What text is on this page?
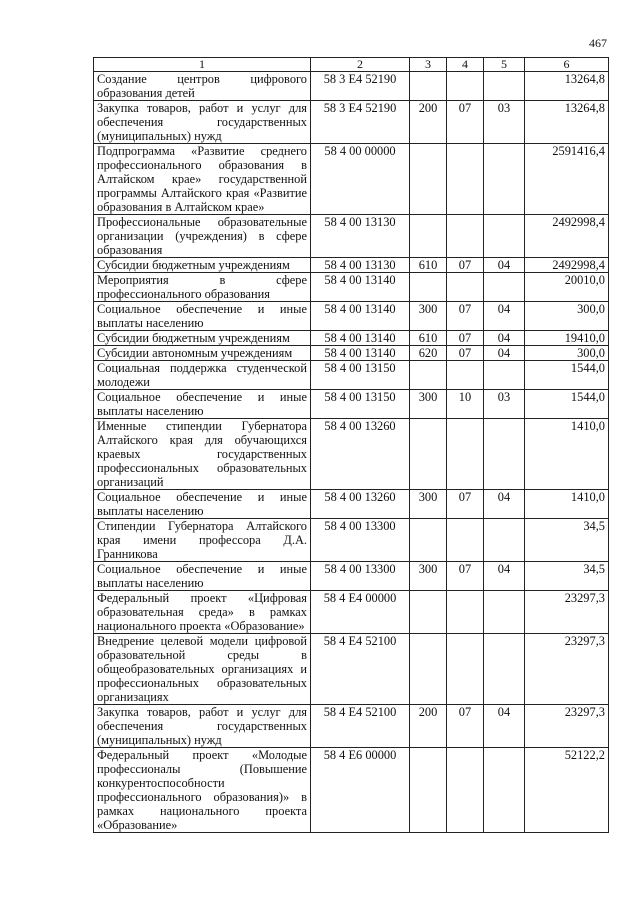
467
1	2	3	4	5	6
Создание центров цифрового образования детей	58 3 E4 52190				13264,8
Закупка товаров, работ и услуг для обеспечения государственных (муниципальных) нужд	58 3 E4 52190	200	07	03	13264,8
Подпрограмма «Развитие среднего профессионального образования в Алтайском крае» государственной программы Алтайского края «Развитие образования в Алтайском крае»	58 4 00 00000				2591416,4
Профессиональные образовательные организации (учреждения) в сфере образования	58 4 00 13130				2492998,4
Субсидии бюджетным учреждениям	58 4 00 13130	610	07	04	2492998,4
Мероприятия в сфере профессионального образования	58 4 00 13140				20010,0
Социальное обеспечение и иные выплаты населению	58 4 00 13140	300	07	04	300,0
Субсидии бюджетным учреждениям	58 4 00 13140	610	07	04	19410,0
Субсидии автономным учреждениям	58 4 00 13140	620	07	04	300,0
Социальная поддержка студенческой молодежи	58 4 00 13150				1544,0
Социальное обеспечение и иные выплаты населению	58 4 00 13150	300	10	03	1544,0
Именные стипендии Губернатора Алтайского края для обучающихся краевых государственных профессиональных образовательных организаций	58 4 00 13260				1410,0
Социальное обеспечение и иные выплаты населению	58 4 00 13260	300	07	04	1410,0
Стипендии Губернатора Алтайского края имени профессора Д.А. Гранникова	58 4 00 13300				34,5
Социальное обеспечение и иные выплаты населению	58 4 00 13300	300	07	04	34,5
Федеральный проект «Цифровая образовательная среда» в рамках национального проекта «Образование»	58 4 E4 00000				23297,3
Внедрение целевой модели цифровой образовательной среды в общеобразовательных организациях и профессиональных образовательных организациях	58 4 E4 52100				23297,3
Закупка товаров, работ и услуг для обеспечения государственных (муниципальных) нужд	58 4 E4 52100	200	07	04	23297,3
Федеральный проект «Молодые профессионалы (Повышение конкурентоспособности профессионального образования)» в рамках национального проекта «Образование»	58 4 E6 00000				52122,2
